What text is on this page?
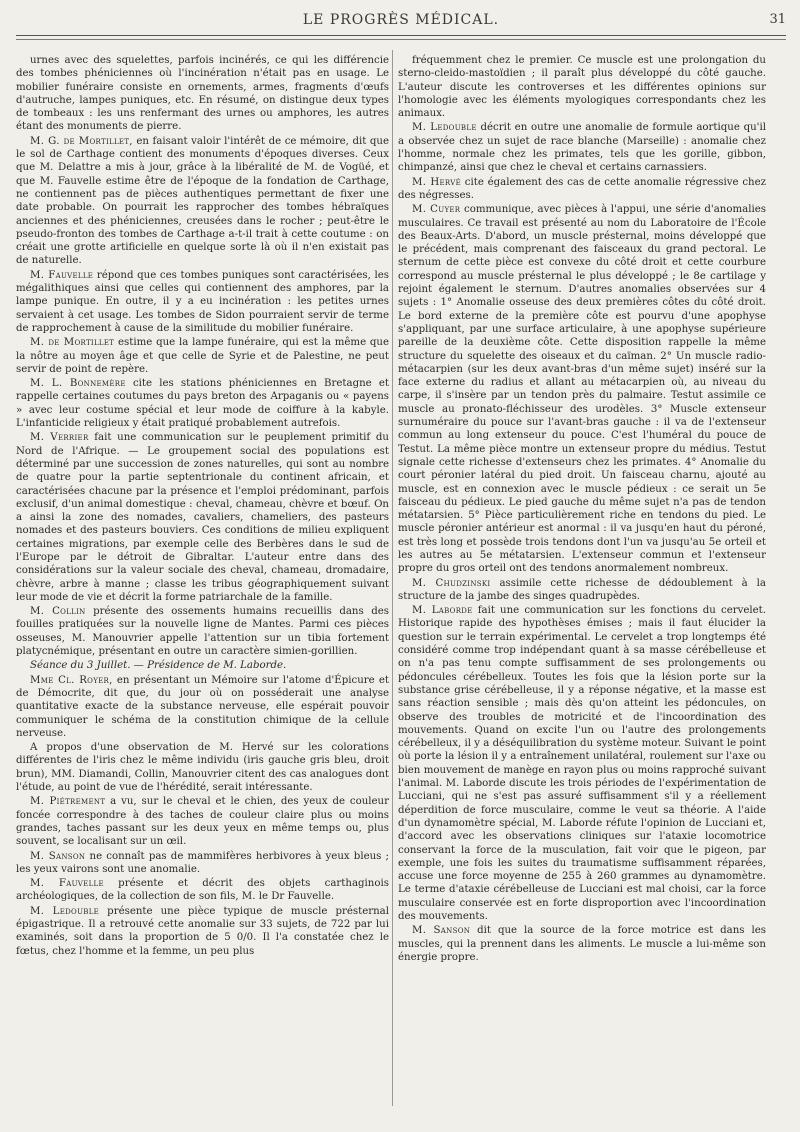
LE PROGRÈS MÉDICAL.	31

urnes avec des squelettes, parfois incinérés, ce qui les différencie des tombes phéniciennes où l'incinération n'était pas en usage. Le mobilier funéraire consiste en ornements, armes, fragments d'œufs d'autruche, lampes puniques, etc. En résumé, on distingue deux types de tombeaux : les uns renfermant des urnes ou amphores, les autres étant des monuments de pierre.

M. G. de Mortillet, en faisant valoir l'intérêt de ce mémoire, dit que le sol de Carthage contient des monuments d'époques diverses. Ceux que M. Delattre a mis à jour, grâce à la libéralité de M. de Vogüé, et que M. Fauvelle estime être de l'époque de la fondation de Carthage, ne contiennent pas de pièces authentiques permettant de fixer une date probable. On pourrait les rapprocher des tombes hébraïques anciennes et des phéniciennes, creusées dans le rocher ; peut-être le pseudo-fronton des tombes de Carthage a-t-il trait à cette coutume : on créait une grotte artificielle en quelque sorte là où il n'en existait pas de naturelle.

M. Fauvelle répond que ces tombes puniques sont caractérisées, les mégalithiques ainsi que celles qui contiennent des amphores, par la lampe punique. En outre, il y a eu incinération : les petites urnes servaient à cet usage. Les tombes de Sidon pourraient servir de terme de rapprochement à cause de la similitude du mobilier funéraire.

M. de Mortillet estime que la lampe funéraire, qui est la même que la nôtre au moyen âge et que celle de Syrie et de Palestine, ne peut servir de point de repère.

M. L. Bonnemère cite les stations phéniciennes en Bretagne et rappelle certaines coutumes du pays breton des Arpaganis ou « payens » avec leur costume spécial et leur mode de coiffure à la kabyle. L'infanticide religieux y était pratiqué probablement autrefois.

M. Verrier fait une communication sur le peuplement primitif du Nord de l'Afrique. — Le groupement social des populations est déterminé par une succession de zones naturelles, qui sont au nombre de quatre pour la partie septentrionale du continent africain, et caractérisées chacune par la présence et l'emploi prédominant, parfois exclusif, d'un animal domestique : cheval, chameau, chèvre et bœuf. On a ainsi la zone des nomades, cavaliers, chameliers, des pasteurs nomades et des pasteurs bouviers. Ces conditions de milieu expliquent certaines migrations, par exemple celle des Berbères dans le sud de l'Europe par le détroit de Gibraltar. L'auteur entre dans des considérations sur la valeur sociale des cheval, chameau, dromadaire, chèvre, arbre à manne ; classe les tribus géographiquement suivant leur mode de vie et décrit la forme patriarchale de la famille.

M. Collin présente des ossements humains recueillis dans des fouilles pratiquées sur la nouvelle ligne de Mantes. Parmi ces pièces osseuses, M. Manouvrier appelle l'attention sur un tibia fortement platycnémique, présentant en outre un caractère simien-gorillien.

Séance du 3 Juillet. — Présidence de M. Laborde.

Mme Cl. Royer, en présentant un Mémoire sur l'atome d'Épicure et de Démocrite, dit que, du jour où on posséderait une analyse quantitative exacte de la substance nerveuse, elle espérait pouvoir communiquer le schéma de la constitution chimique de la cellule nerveuse.

A propos d'une observation de M. Hervé sur les colorations différentes de l'iris chez le même individu (iris gauche gris bleu, droit brun), MM. Diamandi, Collin, Manouvrier citent des cas analogues dont l'étude, au point de vue de l'hérédité, serait intéressante.

M. Piétrement a vu, sur le cheval et le chien, des yeux de couleur foncée correspondre à des taches de couleur claire plus ou moins grandes, taches passant sur les deux yeux en même temps ou, plus souvent, se localisant sur un œil.

M. Sanson ne connaît pas de mammifères herbivores à yeux bleus ; les yeux vairons sont une anomalie.

M. Fauvelle présente et décrit des objets carthaginois archéologiques, de la collection de son fils, M. le Dr Fauvelle.

M. Ledouble présente une pièce typique de muscle présternal épigastrique. Il a retrouvé cette anomalie sur 33 sujets, de 722 par lui examinés, soit dans la proportion de 5 0/0. Il l'a constatée chez le fœtus, chez l'homme et la femme, un peu plus

fréquemment chez le premier. Ce muscle est une prolongation du sterno-cleido-mastoïdien ; il paraît plus développé du côté gauche. L'auteur discute les controverses et les différentes opinions sur l'homologie avec les éléments myologiques correspondants chez les animaux.

M. Ledouble décrit en outre une anomalie de formule aortique qu'il a observée chez un sujet de race blanche (Marseille) : anomalie chez l'homme, normale chez les primates, tels que les gorille, gibbon, chimpanzé, ainsi que chez le cheval et certains carnassiers.

M. Hervé cite également des cas de cette anomalie régressive chez des négresses.

M. Cuyer communique, avec pièces à l'appui, une série d'anomalies musculaires. Ce travail est présenté au nom du Laboratoire de l'École des Beaux-Arts. D'abord, un muscle présternal, moins développé que le précédent, mais comprenant des faisceaux du grand pectoral. Le sternum de cette pièce est convexe du côté droit et cette courbure correspond au muscle présternal le plus développé ; le 8e cartilage y rejoint également le sternum. D'autres anomalies observées sur 4 sujets : 1° Anomalie osseuse des deux premières côtes du côté droit. Le bord externe de la première côte est pourvu d'une apophyse s'appliquant, par une surface articulaire, à une apophyse supérieure pareille de la deuxième côte. Cette disposition rappelle la même structure du squelette des oiseaux et du caïman. 2° Un muscle radio-métacarpien (sur les deux avant-bras d'un même sujet) inséré sur la face externe du radius et allant au métacarpien où, au niveau du carpe, il s'insère par un tendon près du palmaire. Testut assimile ce muscle au pronato-fléchisseur des urodèles. 3° Muscle extenseur surnuméraire du pouce sur l'avant-bras gauche : il va de l'extenseur commun au long extenseur du pouce. C'est l'huméral du pouce de Testut. La même pièce montre un extenseur propre du médius. Testut signale cette richesse d'extenseurs chez les primates. 4° Anomalie du court péronier latéral du pied droit. Un faisceau charnu, ajouté au muscle, est en connexion avec le muscle pédieux : ce serait un 5e faisceau du pédieux. Le pied gauche du même sujet n'a pas de tendon métatarsien. 5° Pièce particulièrement riche en tendons du pied. Le muscle péronier antérieur est anormal : il va jusqu'en haut du péroné, est très long et possède trois tendons dont l'un va jusqu'au 5e orteil et les autres au 5e métatarsien. L'extenseur commun et l'extenseur propre du gros orteil ont des tendons anormalement nombreux.

M. Chudzinski assimile cette richesse de dédoublement à la structure de la jambe des singes quadrupèdes.

M. Laborde fait une communication sur les fonctions du cervelet. Historique rapide des hypothèses émises ; mais il faut élucider la question sur le terrain expérimental. Le cervelet a trop longtemps été considéré comme trop indépendant quant à sa masse cérébelleuse et on n'a pas tenu compte suffisamment de ses prolongements ou pédoncules cérébelleux. Toutes les fois que la lésion porte sur la substance grise cérébelleuse, il y a réponse négative, et la masse est sans réaction sensible ; mais dès qu'on atteint les pédoncules, on observe des troubles de motricité et de l'incoordination des mouvements. Quand on excite l'un ou l'autre des prolongements cérébelleux, il y a déséquilibration du système moteur. Suivant le point où porte la lésion il y a entraînement unilatéral, roulement sur l'axe ou bien mouvement de manège en rayon plus ou moins rapproché suivant l'animal. M. Laborde discute les trois périodes de l'expérimentation de Lucciani, qui ne s'est pas assuré suffisamment s'il y a réellement déperdition de force musculaire, comme le veut sa théorie. A l'aide d'un dynamomètre spécial, M. Laborde réfute l'opinion de Lucciani et, d'accord avec les observations cliniques sur l'ataxie locomotrice conservant la force de la musculation, fait voir que le pigeon, par exemple, une fois les suites du traumatisme suffisamment réparées, accuse une force moyenne de 255 à 260 grammes au dynamomètre. Le terme d'ataxie cérébelleuse de Lucciani est mal choisi, car la force musculaire conservée est en forte disproportion avec l'incoordination des mouvements.

M. Sanson dit que la source de la force motrice est dans les muscles, qui la prennent dans les aliments. Le muscle a lui-même son énergie propre.
